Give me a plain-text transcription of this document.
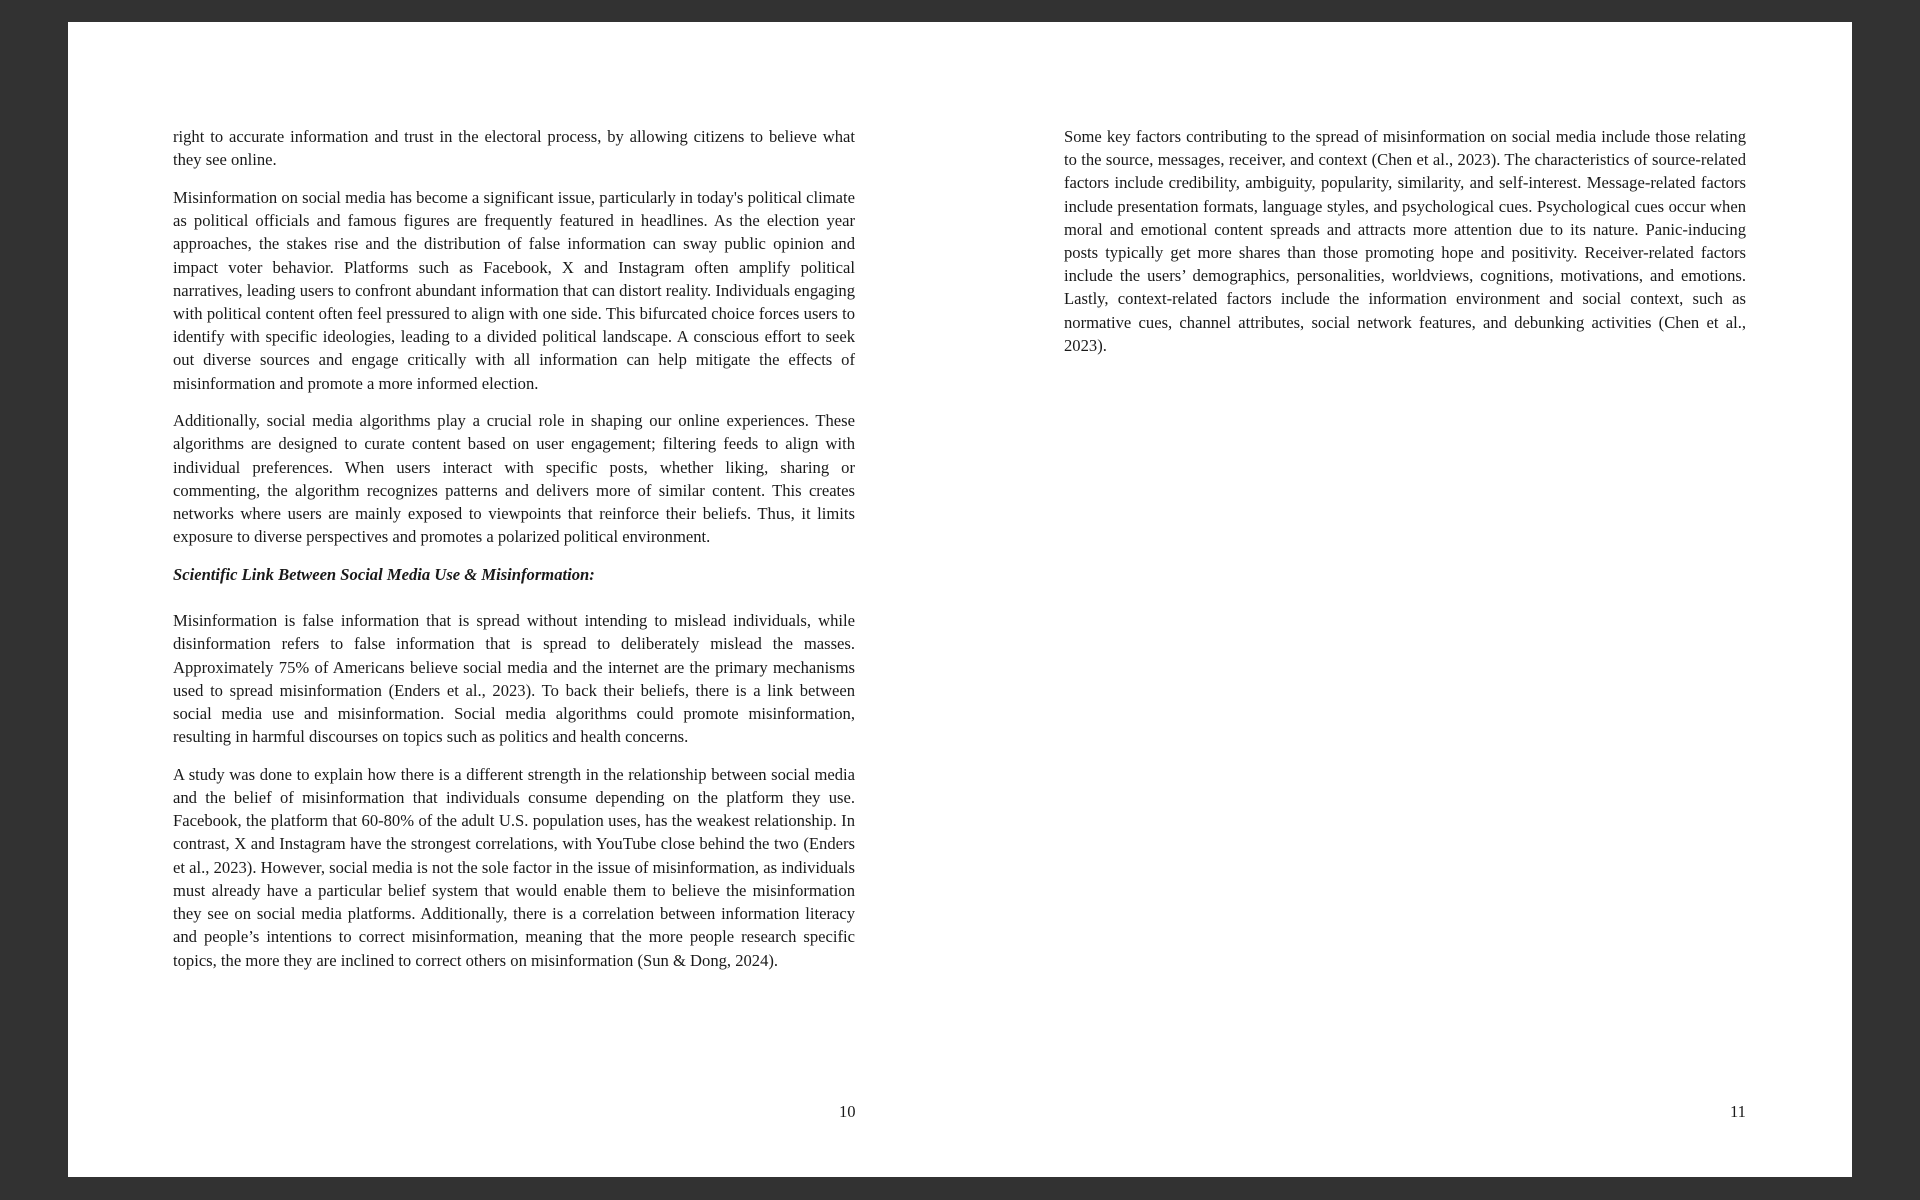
right to accurate information and trust in the electoral process, by allowing citizens to believe what they see online.

Misinformation on social media has become a significant issue, particularly in today's political climate as political officials and famous figures are frequently featured in headlines. As the election year approaches, the stakes rise and the distribution of false information can sway public opinion and impact voter behavior. Platforms such as Facebook, X and Instagram often amplify political narratives, leading users to confront abundant information that can distort reality. Individuals engaging with political content often feel pressured to align with one side. This bifurcated choice forces users to identify with specific ideologies, leading to a divided political landscape. A conscious effort to seek out diverse sources and engage critically with all information can help mitigate the effects of misinformation and promote a more informed election.

Additionally, social media algorithms play a crucial role in shaping our online experiences. These algorithms are designed to curate content based on user engagement; filtering feeds to align with individual preferences. When users interact with specific posts, whether liking, sharing or commenting, the algorithm recognizes patterns and delivers more of similar content. This creates networks where users are mainly exposed to viewpoints that reinforce their beliefs. Thus, it limits exposure to diverse perspectives and promotes a polarized political environment.

Scientific Link Between Social Media Use & Misinformation:

Misinformation is false information that is spread without intending to mislead individuals, while disinformation refers to false information that is spread to deliberately mislead the masses. Approximately 75% of Americans believe social media and the internet are the primary mechanisms used to spread misinformation (Enders et al., 2023). To back their beliefs, there is a link between social media use and misinformation. Social media algorithms could promote misinformation, resulting in harmful discourses on topics such as politics and health concerns.

A study was done to explain how there is a different strength in the relationship between social media and the belief of misinformation that individuals consume depending on the platform they use. Facebook, the platform that 60-80% of the adult U.S. population uses, has the weakest relationship. In contrast, X and Instagram have the strongest correlations, with YouTube close behind the two (Enders et al., 2023). However, social media is not the sole factor in the issue of misinformation, as individuals must already have a particular belief system that would enable them to believe the misinformation they see on social media platforms. Additionally, there is a correlation between information literacy and people’s intentions to correct misinformation, meaning that the more people research specific topics, the more they are inclined to correct others on misinformation (Sun & Dong, 2024).

10

Some key factors contributing to the spread of misinformation on social media include those relating to the source, messages, receiver, and context (Chen et al., 2023). The characteristics of source-related factors include credibility, ambiguity, popularity, similarity, and self-interest. Message-related factors include presentation formats, language styles, and psychological cues. Psychological cues occur when moral and emotional content spreads and attracts more attention due to its nature. Panic-inducing posts typically get more shares than those promoting hope and positivity. Receiver-related factors include the users’ demographics, personalities, worldviews, cognitions, motivations, and emotions. Lastly, context-related factors include the information environment and social context, such as normative cues, channel attributes, social network features, and debunking activities (Chen et al., 2023).

11
